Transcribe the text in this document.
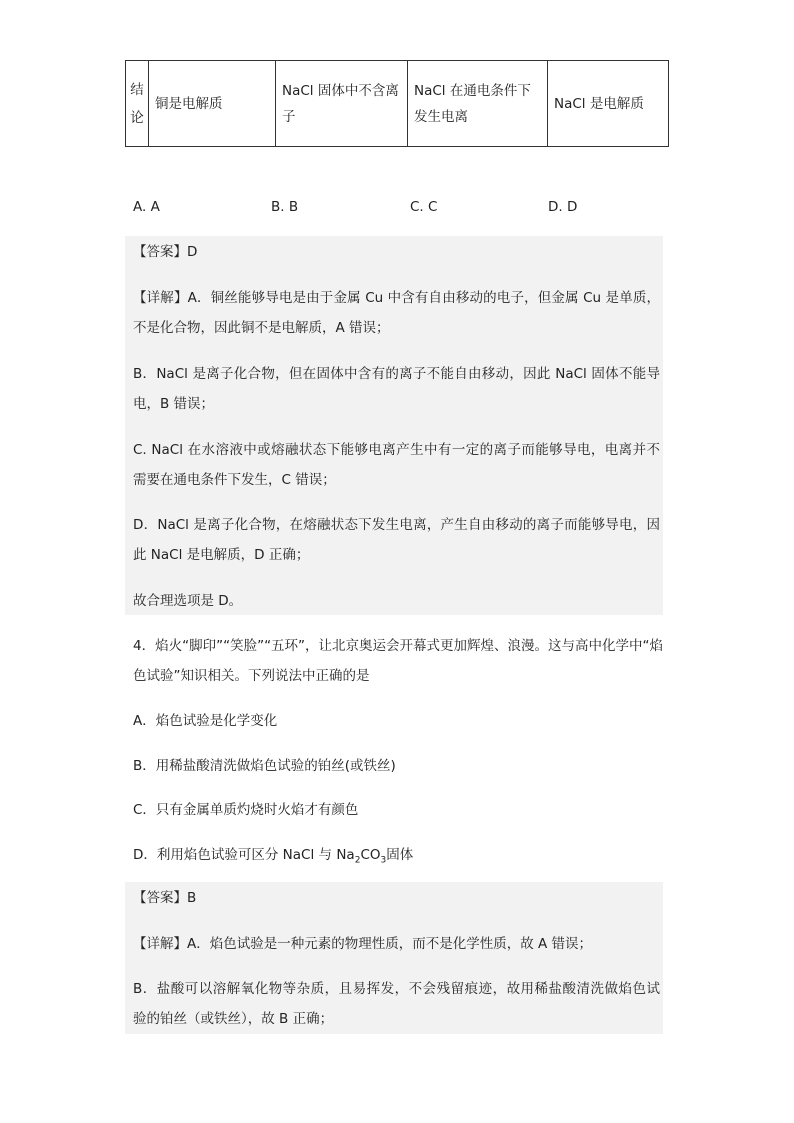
结
论

铜是电解质

NaCl 固体中不含离
子

NaCl 在通电条件下
发生电离

NaCl 是电解质
A. A	B. B	C. C	D. D
【答案】D
【详解】A．铜丝能够导电是由于金属 Cu 中含有自由移动的电子，但金属 Cu 是单质，
不是化合物，因此铜不是电解质，A 错误；
B．NaCl 是离子化合物，但在固体中含有的离子不能自由移动，因此 NaCl 固体不能导
电，B 错误；
C. NaCl 在水溶液中或熔融状态下能够电离产生中有一定的离子而能够导电，电离并不
需要在通电条件下发生，C 错误；
D．NaCl 是离子化合物，在熔融状态下发生电离，产生自由移动的离子而能够导电，因
此 NaCl 是电解质，D 正确；
故合理选项是 D。
4．焰火“脚印”“笑脸”“五环”，让北京奥运会开幕式更加辉煌、浪漫。这与高中化学中“焰
色试验”知识相关。下列说法中正确的是
A．焰色试验是化学变化
B．用稀盐酸清洗做焰色试验的铂丝(或铁丝)
C．只有金属单质灼烧时火焰才有颜色
D．利用焰色试验可区分 NaCl 与 $Na_2CO_3$固体
【答案】B
【详解】A．焰色试验是一种元素的物理性质，而不是化学性质，故 A 错误；
B．盐酸可以溶解氧化物等杂质，且易挥发，不会残留痕迹，故用稀盐酸清洗做焰色试
验的铂丝（或铁丝），故 B 正确；
